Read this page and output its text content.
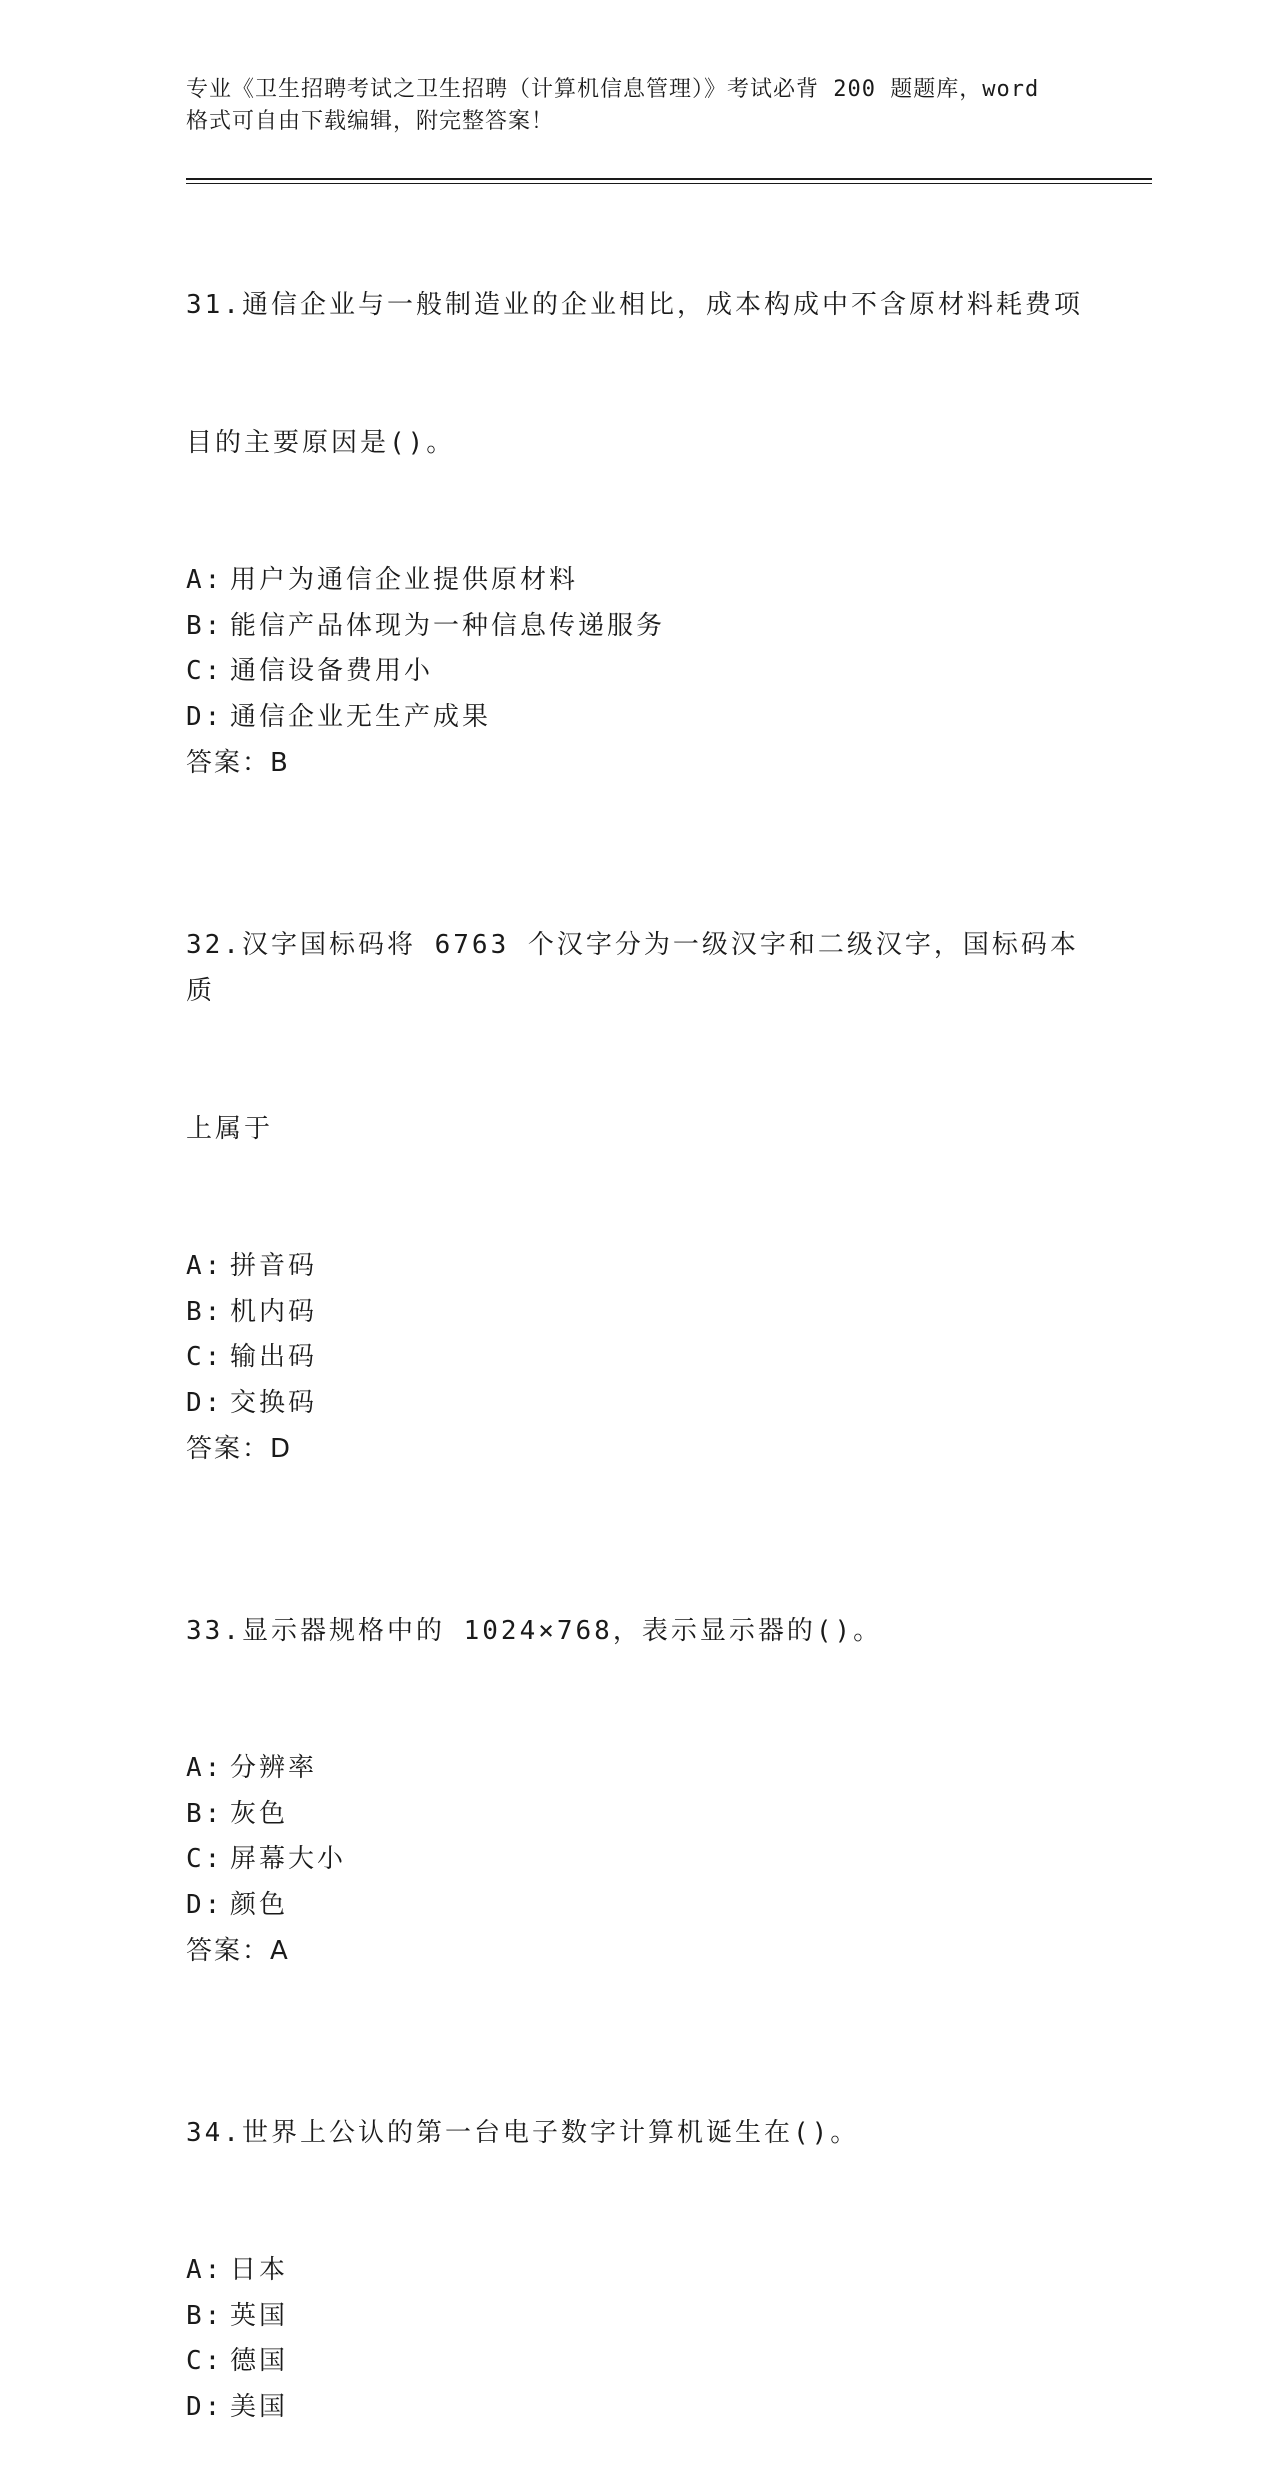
专业《卫生招聘考试之卫生招聘（计算机信息管理）》考试必背 200 题题库，word
格式可自由下载编辑，附完整答案！

31.通信企业与一般制造业的企业相比，成本构成中不含原材料耗费项

目的主要原因是()。

A: 用户为通信企业提供原材料
B: 能信产品体现为一种信息传递服务
C: 通信设备费用小
D: 通信企业无生产成果
答案：B

32.汉字国标码将 6763 个汉字分为一级汉字和二级汉字，国标码本质

上属于

A: 拼音码
B: 机内码
C: 输出码
D: 交换码
答案：D

33.显示器规格中的 1024×768，表示显示器的()。

A: 分辨率
B: 灰色
C: 屏幕大小
D: 颜色
答案：A

34.世界上公认的第一台电子数字计算机诞生在()。

A: 日本
B: 英国
C: 德国
D: 美国
